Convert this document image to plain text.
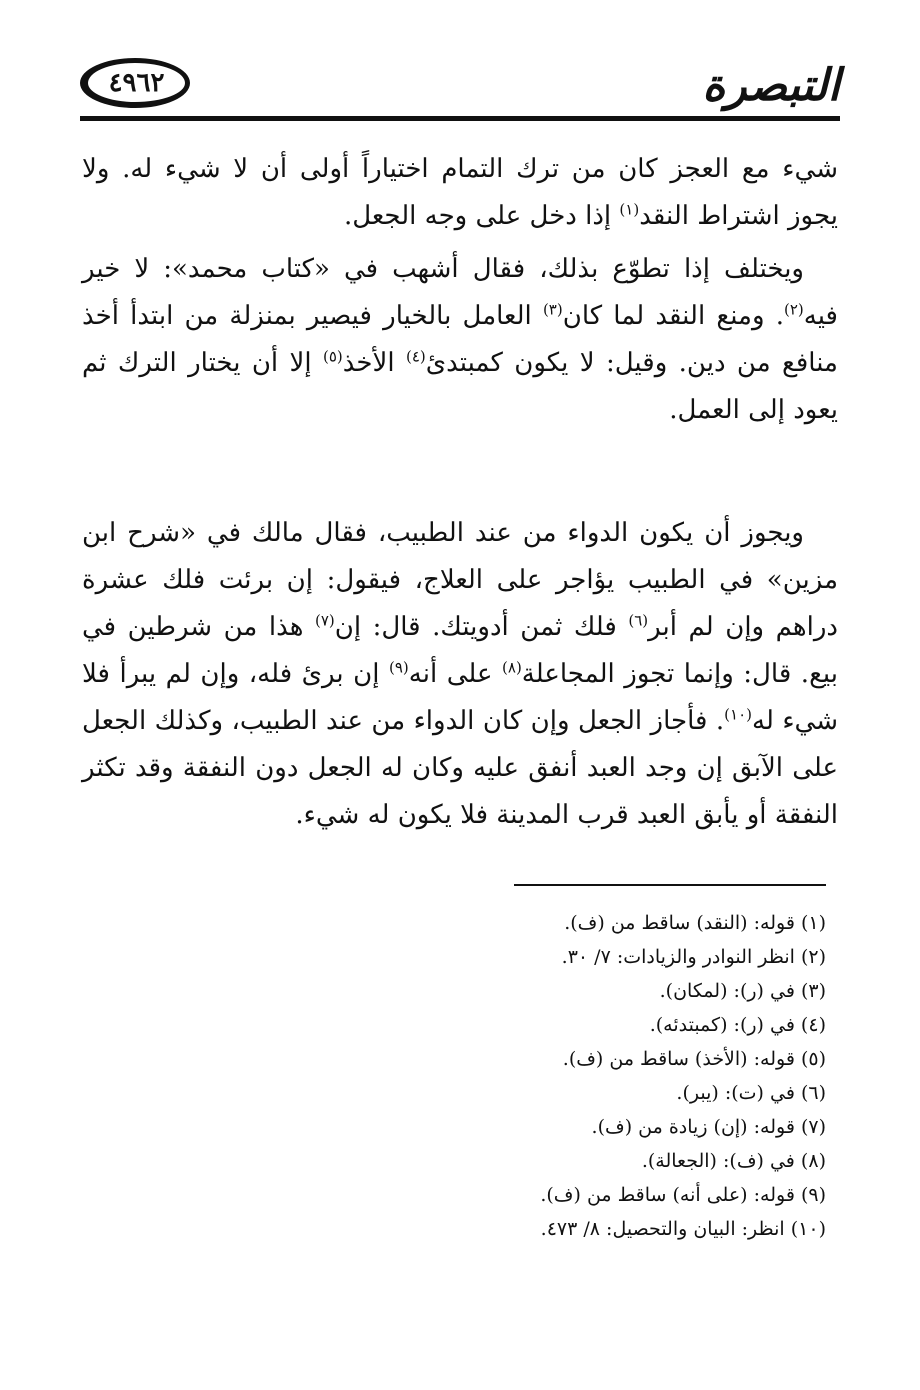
٤٩٦٢	التبصرة

شيء مع العجز كان من ترك التمام اختياراً أولى أن لا شيء له. ولا يجوز اشتراط النقد$^{(١)}$ إذا دخل على وجه الجعل.

ويختلف إذا تطوّع بذلك، فقال أشهب في «كتاب محمد»: لا خير فيه$^{(٢)}$. ومنع النقد لما كان$^{(٣)}$ العامل بالخيار فيصير بمنزلة من ابتدأ أخذ منافع من دين. وقيل: لا يكون كمبتدئ$^{(٤)}$ الأخذ$^{(٥)}$ إلا أن يختار الترك ثم يعود إلى العمل.

ويجوز أن يكون الدواء من عند الطبيب، فقال مالك في «شرح ابن مزين» في الطبيب يؤاجر على العلاج، فيقول: إن برئت فلك عشرة دراهم وإن لم أبر$^{(٦)}$ فلك ثمن أدويتك. قال: إن$^{(٧)}$ هذا من شرطين في بيع. قال: وإنما تجوز المجاعلة$^{(٨)}$ على أنه$^{(٩)}$ إن برئ فله، وإن لم يبرأ فلا شيء له$^{(١٠)}$. فأجاز الجعل وإن كان الدواء من عند الطبيب، وكذلك الجعل على الآبق إن وجد العبد أنفق عليه وكان له الجعل دون النفقة وقد تكثر النفقة أو يأبق العبد قرب المدينة فلا يكون له شيء.

(١) قوله: (النقد) ساقط من (ف).
(٢) انظر النوادر والزيادات: ٧/ ٣٠.
(٣) في (ر): (لمكان).
(٤) في (ر): (كمبتدئه).
(٥) قوله: (الأخذ) ساقط من (ف).
(٦) في (ت): (يبر).
(٧) قوله: (إن) زيادة من (ف).
(٨) في (ف): (الجعالة).
(٩) قوله: (على أنه) ساقط من (ف).
(١٠) انظر: البيان والتحصيل: ٨/ ٤٧٣.
